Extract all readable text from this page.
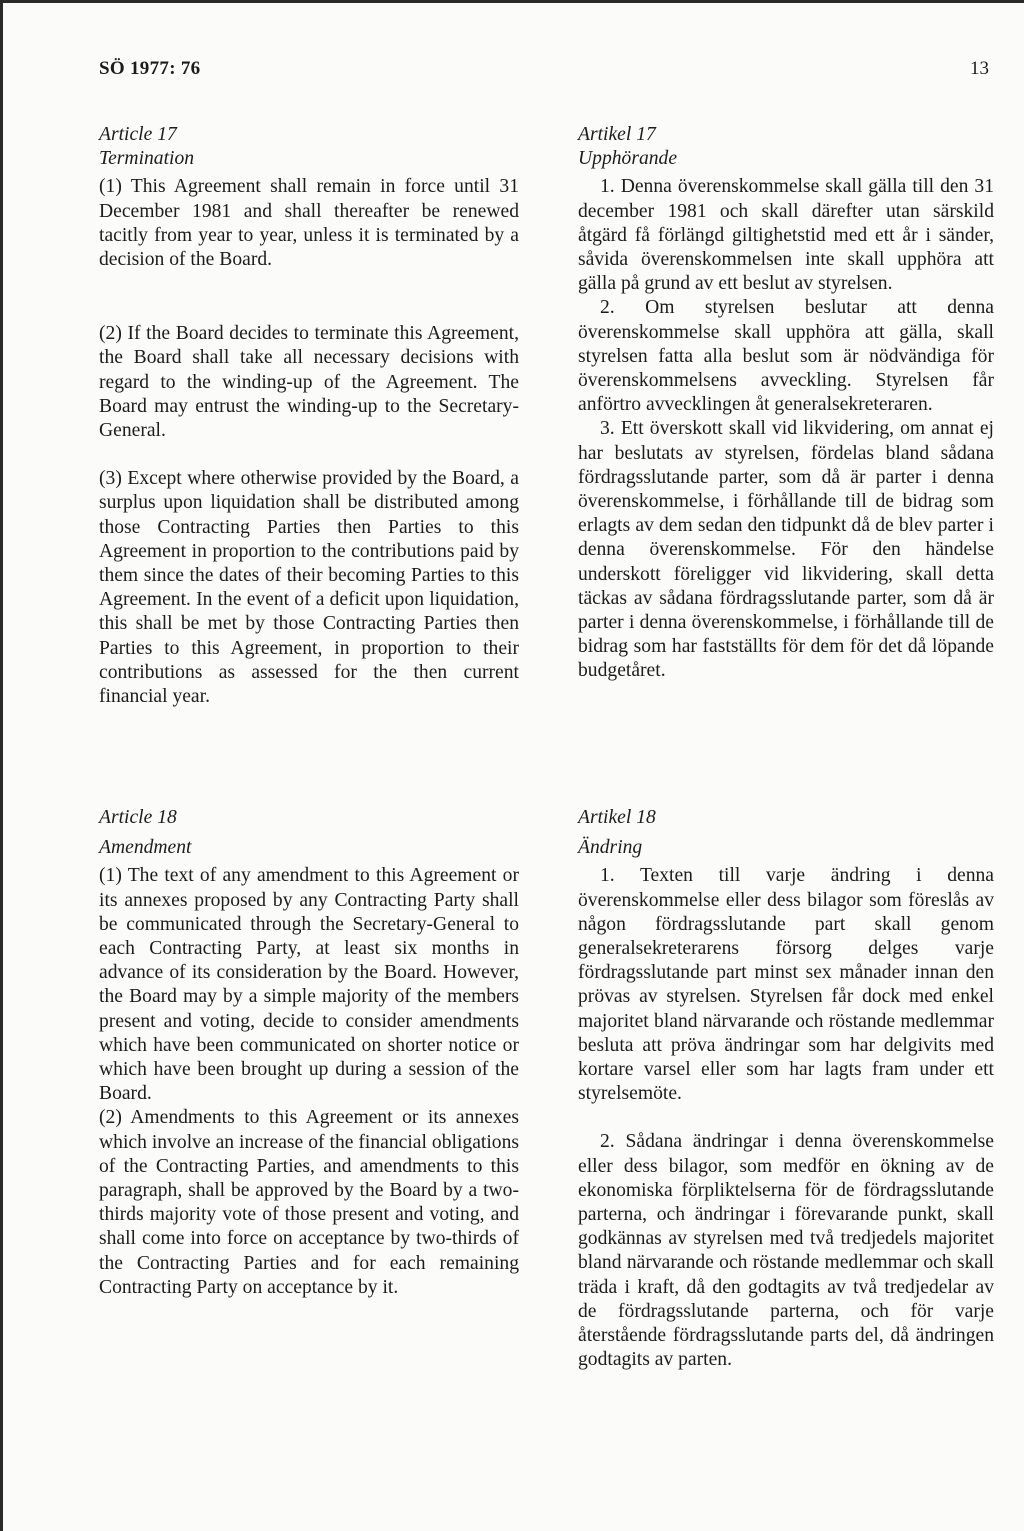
SÖ 1977: 76	13

Article 17

Termination

(1) This Agreement shall remain in force until 31 December 1981 and shall thereafter be renewed tacitly from year to year, unless it is terminated by a decision of the Board.

(2) If the Board decides to terminate this Agreement, the Board shall take all necessary decisions with regard to the winding-up of the Agreement. The Board may entrust the winding-up to the Secretary-General.

(3) Except where otherwise provided by the Board, a surplus upon liquidation shall be distributed among those Contracting Parties then Parties to this Agreement in proportion to the contributions paid by them since the dates of their becoming Parties to this Agreement. In the event of a deficit upon liquidation, this shall be met by those Contracting Parties then Parties to this Agreement, in proportion to their contributions as assessed for the then current financial year.

Artikel 17

Upphörande

1. Denna överenskommelse skall gälla till den 31 december 1981 och skall därefter utan särskild åtgärd få förlängd giltighetstid med ett år i sänder, såvida överenskommelsen inte skall upphöra att gälla på grund av ett beslut av styrelsen.

2. Om styrelsen beslutar att denna överenskommelse skall upphöra att gälla, skall styrelsen fatta alla beslut som är nödvändiga för överenskommelsens avveckling. Styrelsen får anförtro avvecklingen åt generalsekreteraren.

3. Ett överskott skall vid likvidering, om annat ej har beslutats av styrelsen, fördelas bland sådana fördragsslutande parter, som då är parter i denna överenskommelse, i förhållande till de bidrag som erlagts av dem sedan den tidpunkt då de blev parter i denna överenskommelse. För den händelse underskott föreligger vid likvidering, skall detta täckas av sådana fördragsslutande parter, som då är parter i denna överenskommelse, i förhållande till de bidrag som har fastställts för dem för det då löpande budgetåret.

Article 18

Amendment

(1) The text of any amendment to this Agreement or its annexes proposed by any Contracting Party shall be communicated through the Secretary-General to each Contracting Party, at least six months in advance of its consideration by the Board. However, the Board may by a simple majority of the members present and voting, decide to consider amendments which have been communicated on shorter notice or which have been brought up during a session of the Board.

(2) Amendments to this Agreement or its annexes which involve an increase of the financial obligations of the Contracting Parties, and amendments to this paragraph, shall be approved by the Board by a two-thirds majority vote of those present and voting, and shall come into force on acceptance by two-thirds of the Contracting Parties and for each remaining Contracting Party on acceptance by it.

Artikel 18

Ändring

1. Texten till varje ändring i denna överenskommelse eller dess bilagor som föreslås av någon fördragsslutande part skall genom generalsekreterarens försorg delges varje fördragsslutande part minst sex månader innan den prövas av styrelsen. Styrelsen får dock med enkel majoritet bland närvarande och röstande medlemmar besluta att pröva ändringar som har delgivits med kortare varsel eller som har lagts fram under ett styrelsemöte.

2. Sådana ändringar i denna överenskommelse eller dess bilagor, som medför en ökning av de ekonomiska förpliktelserna för de fördragsslutande parterna, och ändringar i förevarande punkt, skall godkännas av styrelsen med två tredjedels majoritet bland närvarande och röstande medlemmar och skall träda i kraft, då den godtagits av två tredjedelar av de fördragsslutande parterna, och för varje återstående fördragsslutande parts del, då ändringen godtagits av parten.
